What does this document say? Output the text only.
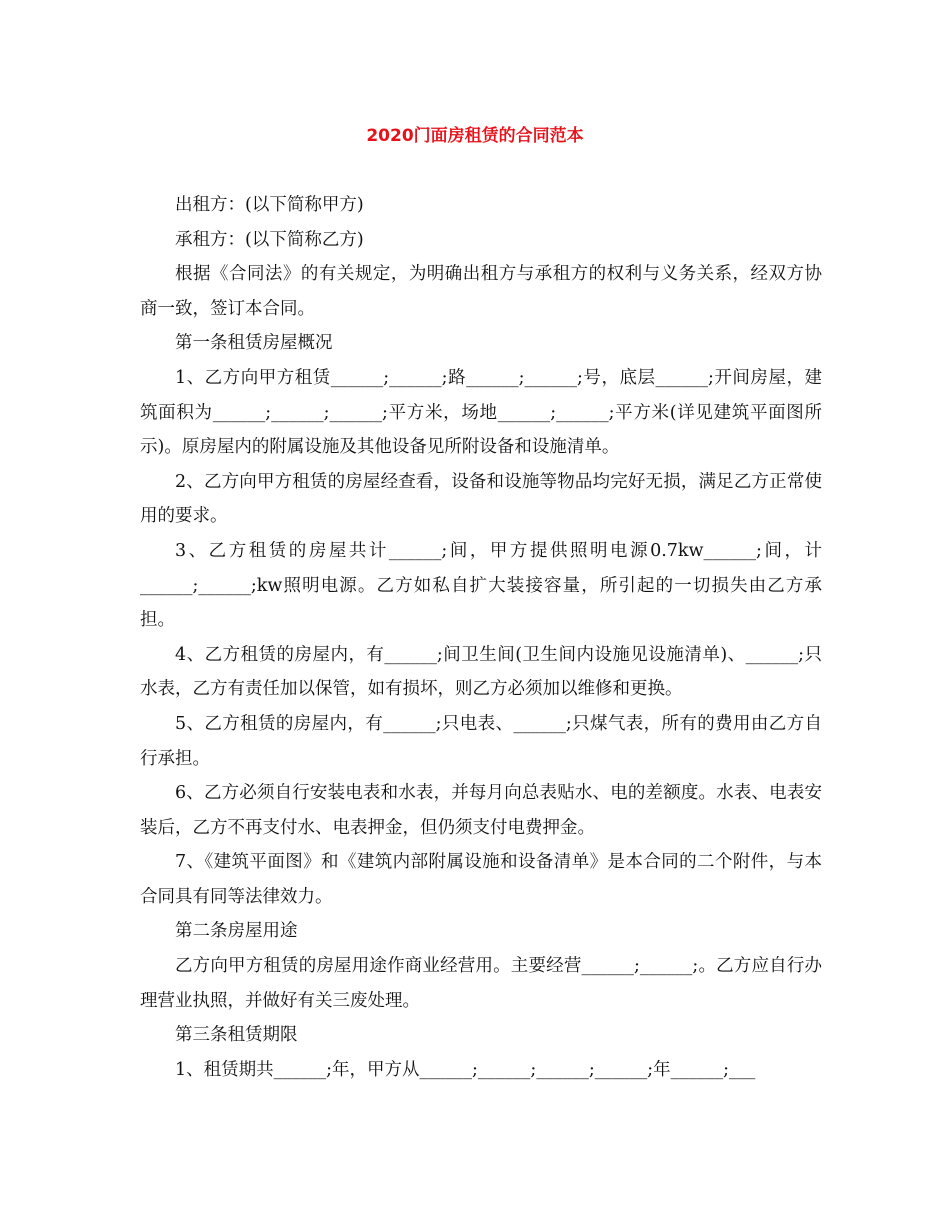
2020门面房租赁的合同范本

出租方：(以下简称甲方)

承租方：(以下简称乙方)

根据《合同法》的有关规定，为明确出租方与承租方的权利与义务关系，经双方协商一致，签订本合同。

第一条租赁房屋概况

1、乙方向甲方租赁______;______;路______;______;号，底层______;开间房屋，建筑面积为______;______;______;平方米，场地______;______;平方米(详见建筑平面图所示)。原房屋内的附属设施及其他设备见所附设备和设施清单。

2、乙方向甲方租赁的房屋经查看，设备和设施等物品均完好无损，满足乙方正常使用的要求。

3、乙方租赁的房屋共计______;间，甲方提供照明电源0.7kw______;间，计______;______;kw照明电源。乙方如私自扩大装接容量，所引起的一切损失由乙方承担。

4、乙方租赁的房屋内，有______;间卫生间(卫生间内设施见设施清单)、______;只水表，乙方有责任加以保管，如有损坏，则乙方必须加以维修和更换。

5、乙方租赁的房屋内，有______;只电表、______;只煤气表，所有的费用由乙方自行承担。

6、乙方必须自行安装电表和水表，并每月向总表贴水、电的差额度。水表、电表安装后，乙方不再支付水、电表押金，但仍须支付电费押金。

7、《建筑平面图》和《建筑内部附属设施和设备清单》是本合同的二个附件，与本合同具有同等法律效力。

第二条房屋用途

乙方向甲方租赁的房屋用途作商业经营用。主要经营______;______;。乙方应自行办理营业执照，并做好有关三废处理。

第三条租赁期限

1、租赁期共______;年，甲方从______;______;______;______;年______;___
